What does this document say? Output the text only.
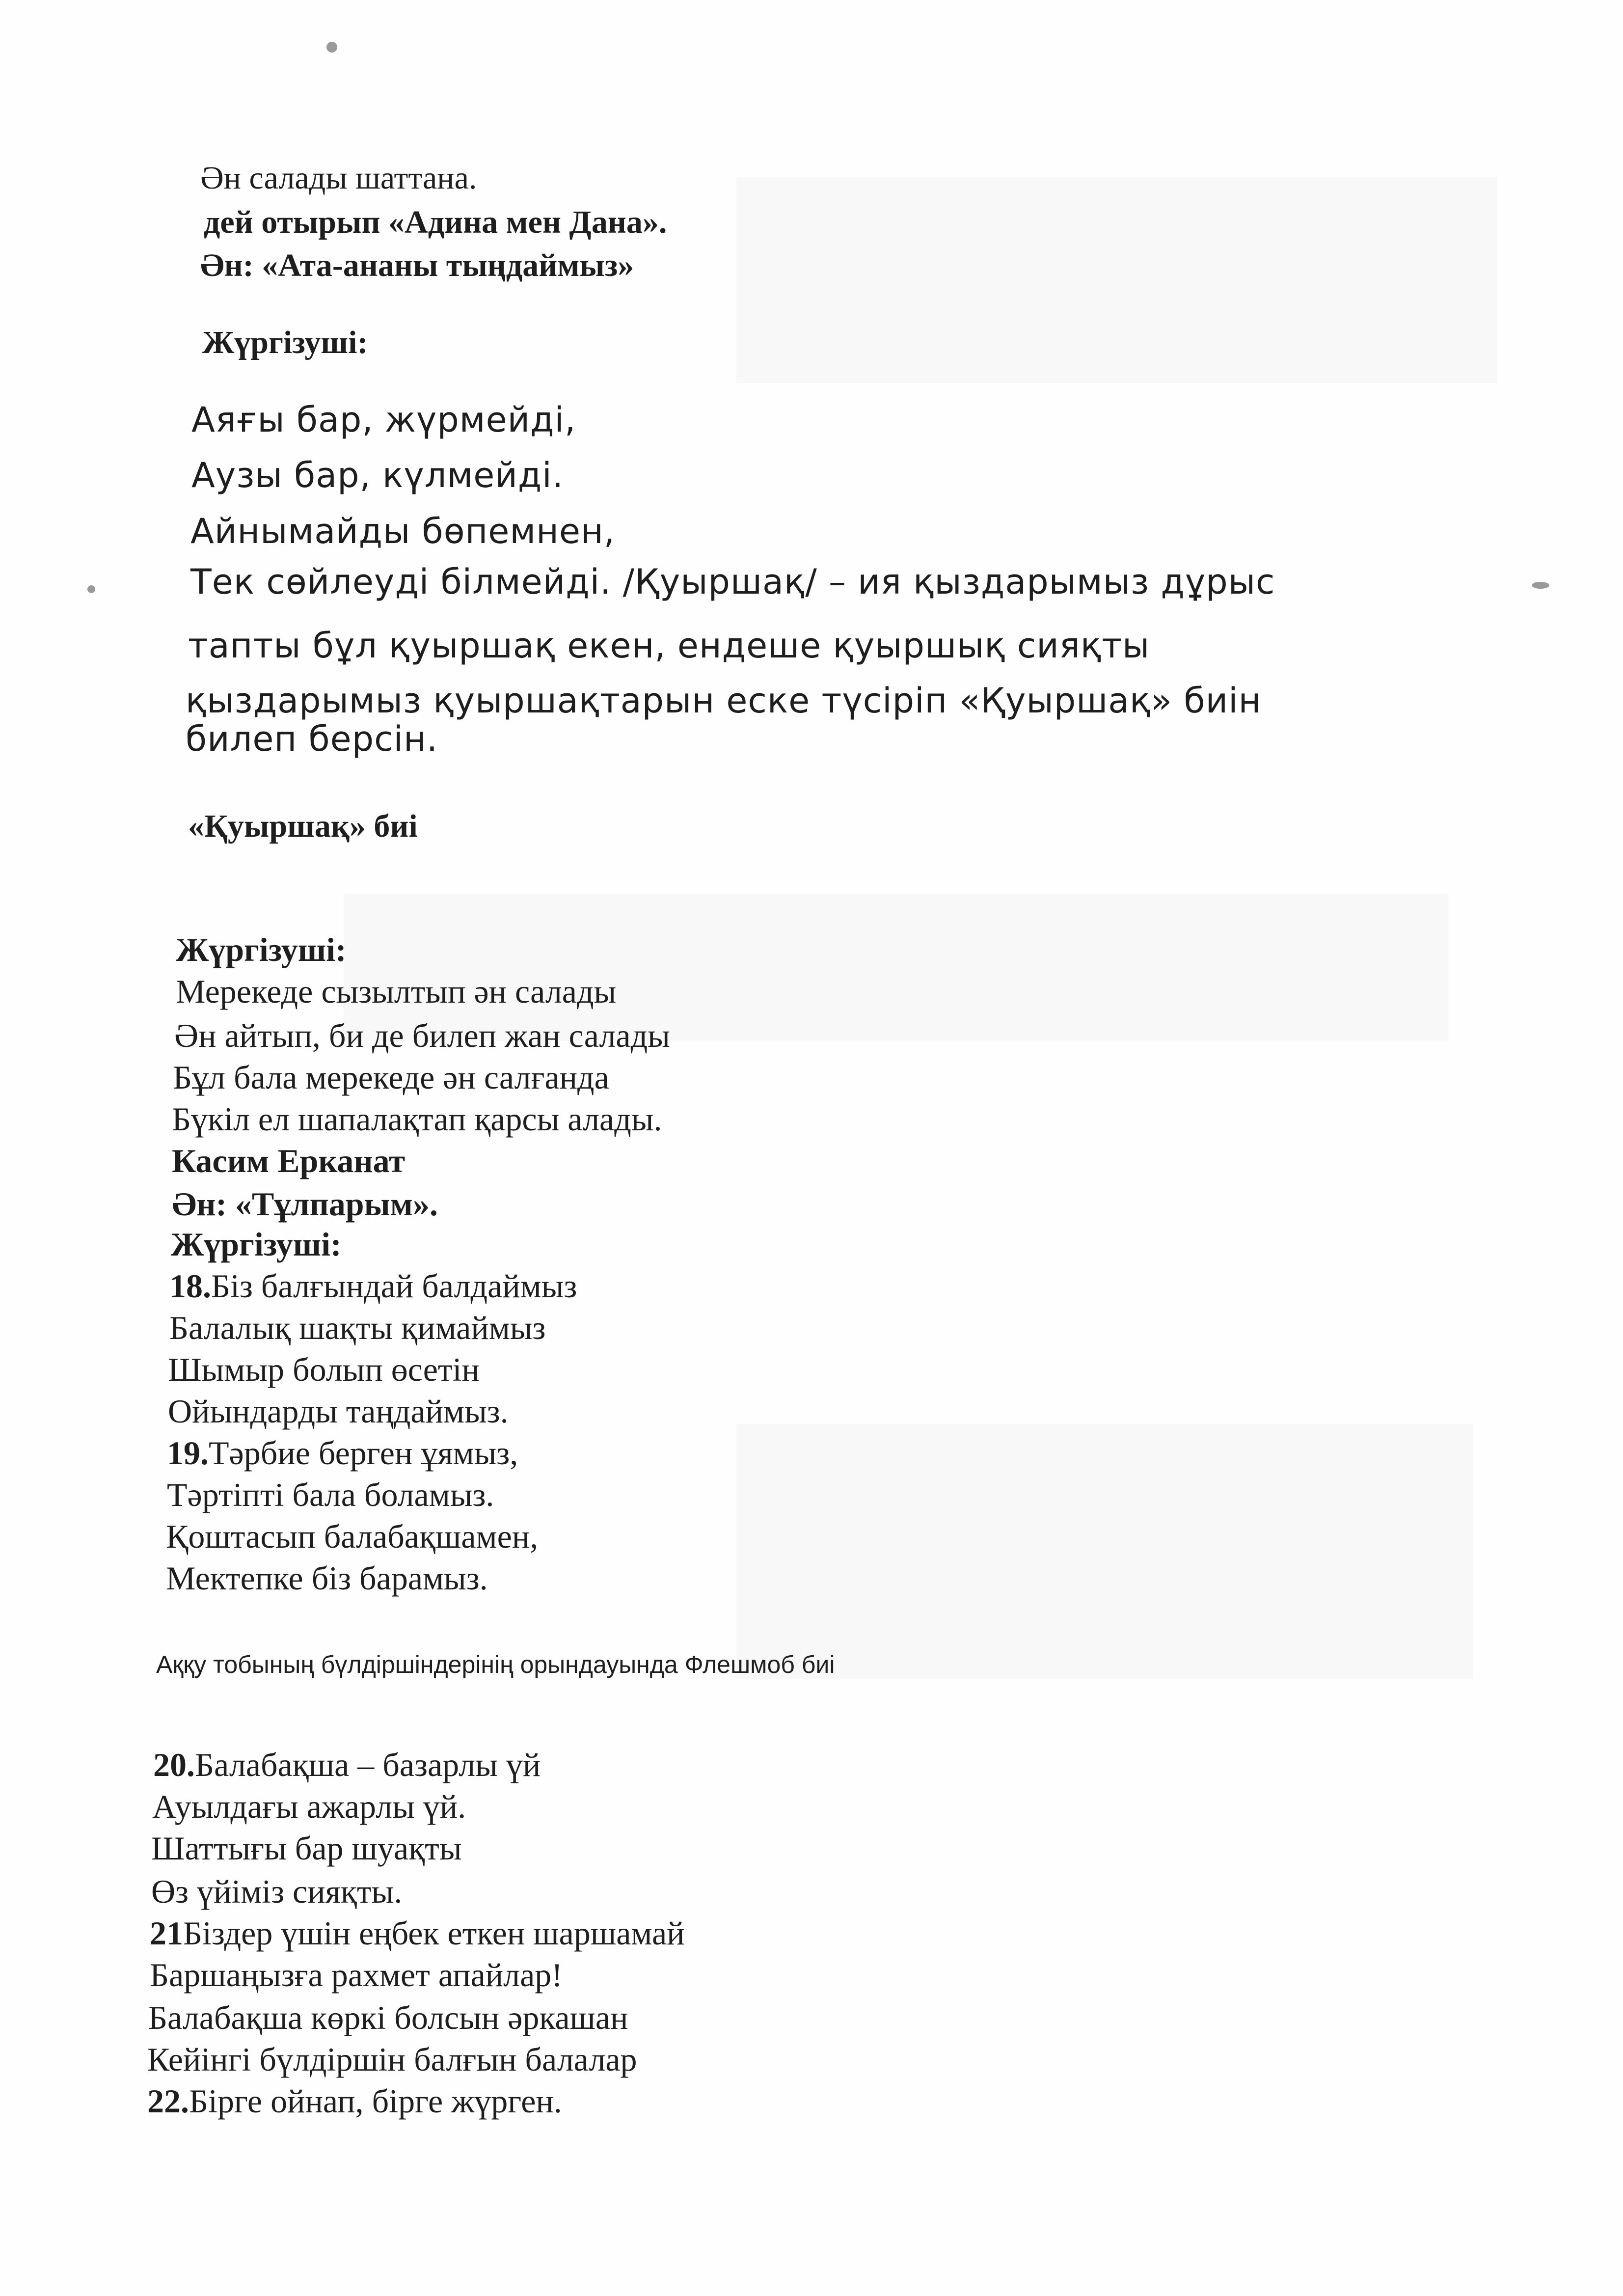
Ән салады шаттана.
дей отырып «Адина мен Дана».
Ән: «Ата-ананы тыңдаймыз»
Жүргізуші:
Аяғы бар, жүрмейді,
Аузы бар, күлмейді.
Айнымайды бөпемнен,
Тек сөйлеуді білмейді. /Қуыршақ/ – ия қыздарымыз дұрыс
тапты бұл қуыршақ екен, ендеше қуыршық сияқты
қыздарымыз қуыршақтарын еске түсіріп «Қуыршақ» биін
билеп берсін.
«Қуыршақ» биі
Жүргізуші:
Мерекеде сызылтып ән салады
Ән айтып, би де билеп жан салады
Бұл бала мерекеде ән салғанда
Бүкіл ел шапалақтап қарсы алады.
Касим Ерканат
Ән: «Тұлпарым».
Жүргізуші:
18.Біз балғындай балдаймыз
Балалық шақты қимаймыз
Шымыр болып өсетін
Ойындарды таңдаймыз.
19.Тәрбие берген ұямыз,
Тәртіпті бала боламыз.
Қоштасып балабақшамен,
Мектепке біз барамыз.
Аққу тобының бүлдіршіндерінің орындауында Флешмоб биі
20.Балабақша – базарлы үй
Ауылдағы ажарлы үй.
Шаттығы бар шуақты
Өз үйіміз сияқты.
21Біздер үшін еңбек еткен шаршамай
Баршаңызға рахмет апайлар!
Балабақша көркі болсын әркашан
Кейінгі бүлдіршін балғын балалар
22.Бірге ойнап, бірге жүрген.
